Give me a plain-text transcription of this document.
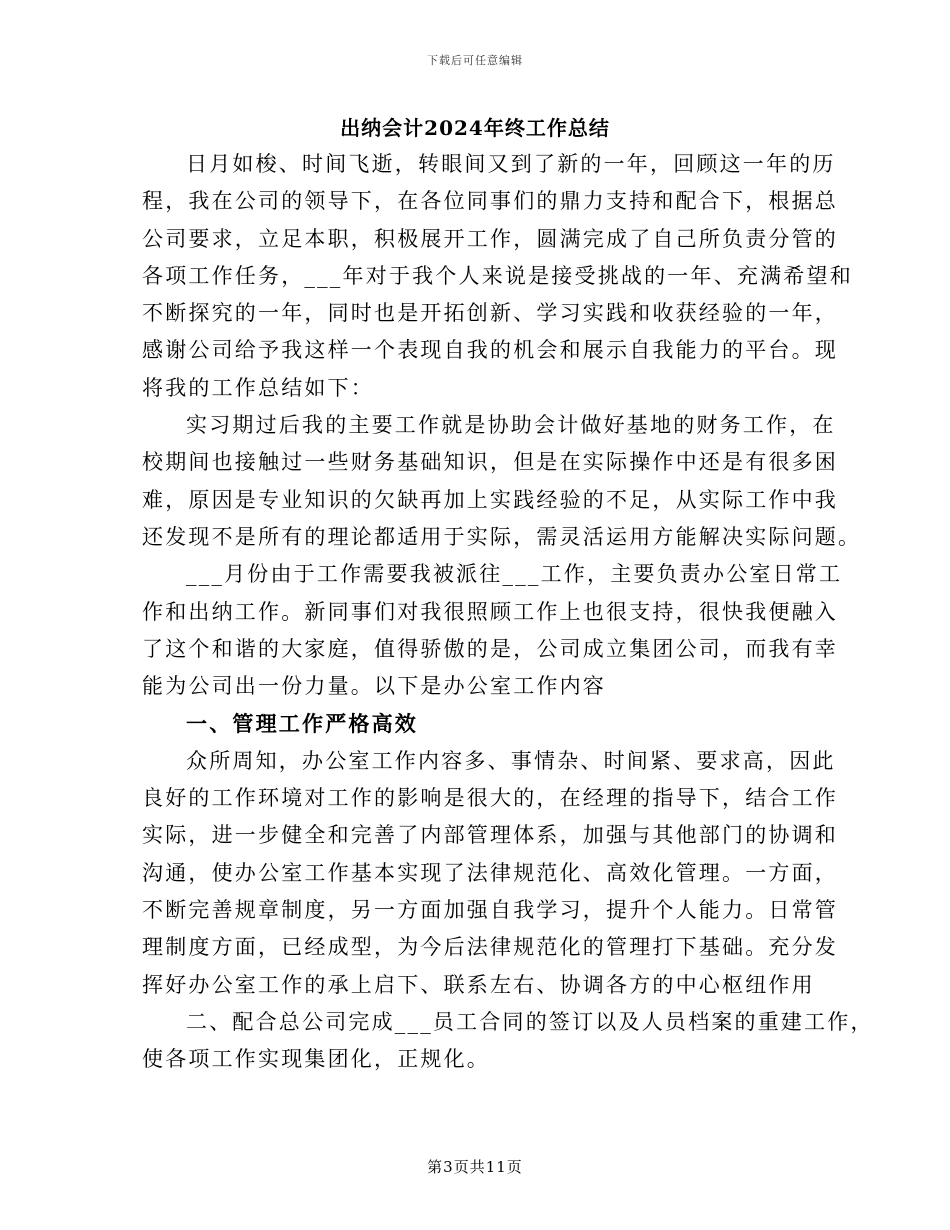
下载后可任意编辑
出纳会计2024年终工作总结
日月如梭、时间飞逝，转眼间又到了新的一年，回顾这一年的历
程，我在公司的领导下，在各位同事们的鼎力支持和配合下，根据总
公司要求，立足本职，积极展开工作，圆满完成了自己所负责分管的
各项工作任务，___年对于我个人来说是接受挑战的一年、充满希望和
不断探究的一年，同时也是开拓创新、学习实践和收获经验的一年，
感谢公司给予我这样一个表现自我的机会和展示自我能力的平台。现
将我的工作总结如下：
实习期过后我的主要工作就是协助会计做好基地的财务工作，在
校期间也接触过一些财务基础知识，但是在实际操作中还是有很多困
难，原因是专业知识的欠缺再加上实践经验的不足，从实际工作中我
还发现不是所有的理论都适用于实际，需灵活运用方能解决实际问题。
___月份由于工作需要我被派往___工作，主要负责办公室日常工
作和出纳工作。新同事们对我很照顾工作上也很支持，很快我便融入
了这个和谐的大家庭，值得骄傲的是，公司成立集团公司，而我有幸
能为公司出一份力量。以下是办公室工作内容
一、管理工作严格高效
众所周知，办公室工作内容多、事情杂、时间紧、要求高，因此
良好的工作环境对工作的影响是很大的，在经理的指导下，结合工作
实际，进一步健全和完善了内部管理体系，加强与其他部门的协调和
沟通，使办公室工作基本实现了法律规范化、高效化管理。一方面，
不断完善规章制度，另一方面加强自我学习，提升个人能力。日常管
理制度方面，已经成型，为今后法律规范化的管理打下基础。充分发
挥好办公室工作的承上启下、联系左右、协调各方的中心枢纽作用
二、配合总公司完成___员工合同的签订以及人员档案的重建工作，
使各项工作实现集团化，正规化。
第3页共11页
